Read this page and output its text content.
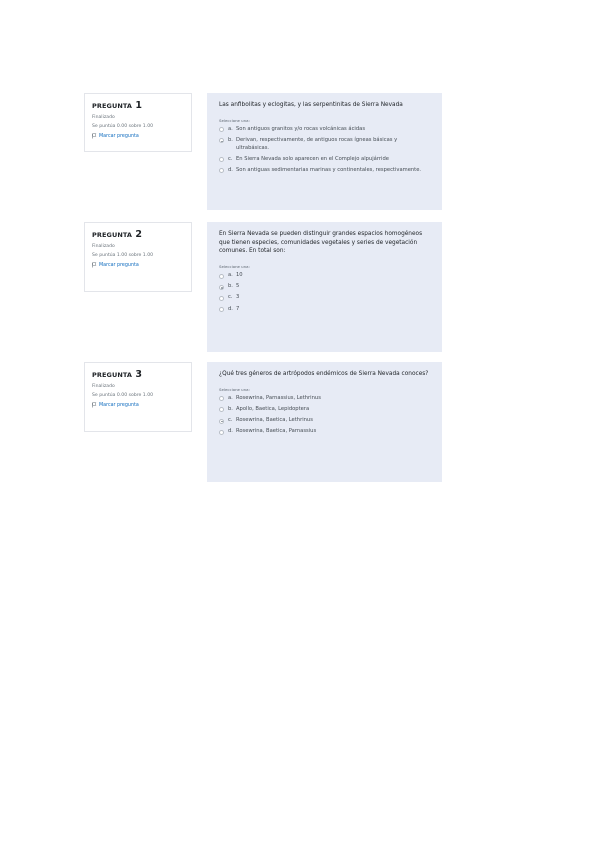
PREGUNTA 1
Finalizado
Se puntúa 0.00 sobre 1.00
Marcar pregunta
Las anfibolitas y eclogitas, y las serpentinitas de Sierra Nevada
Seleccione una:
a. Son antiguos granitos y/o rocas volcánicas ácidas
b. Derivan, respectivamente, de antiguos rocas ígneas básicas y ultrabásicas.
c. En Sierra Nevada solo aparecen en el Complejo alpujárride
d. Son antiguas sedimentarias marinas y continentales, respectivamente.
PREGUNTA 2
Finalizado
Se puntúa 1.00 sobre 1.00
Marcar pregunta
En Sierra Nevada se pueden distinguir grandes espacios homogéneos que tienen especies, comunidades vegetales y series de vegetación comunes. En total son:
Seleccione una:
a. 10
b. 5
c. 3
d. 7
PREGUNTA 3
Finalizado
Se puntúa 0.00 sobre 1.00
Marcar pregunta
¿Qué tres géneros de artrópodos endémicos de Sierra Nevada conoces?
Seleccione una:
a. Rosewrina, Parnassius, Lethrinus
b. Apollo, Baetica, Lepidoptera
c. Rosewrina, Baetica, Lethrinus
d. Rosewrina, Baetica, Parnassius
